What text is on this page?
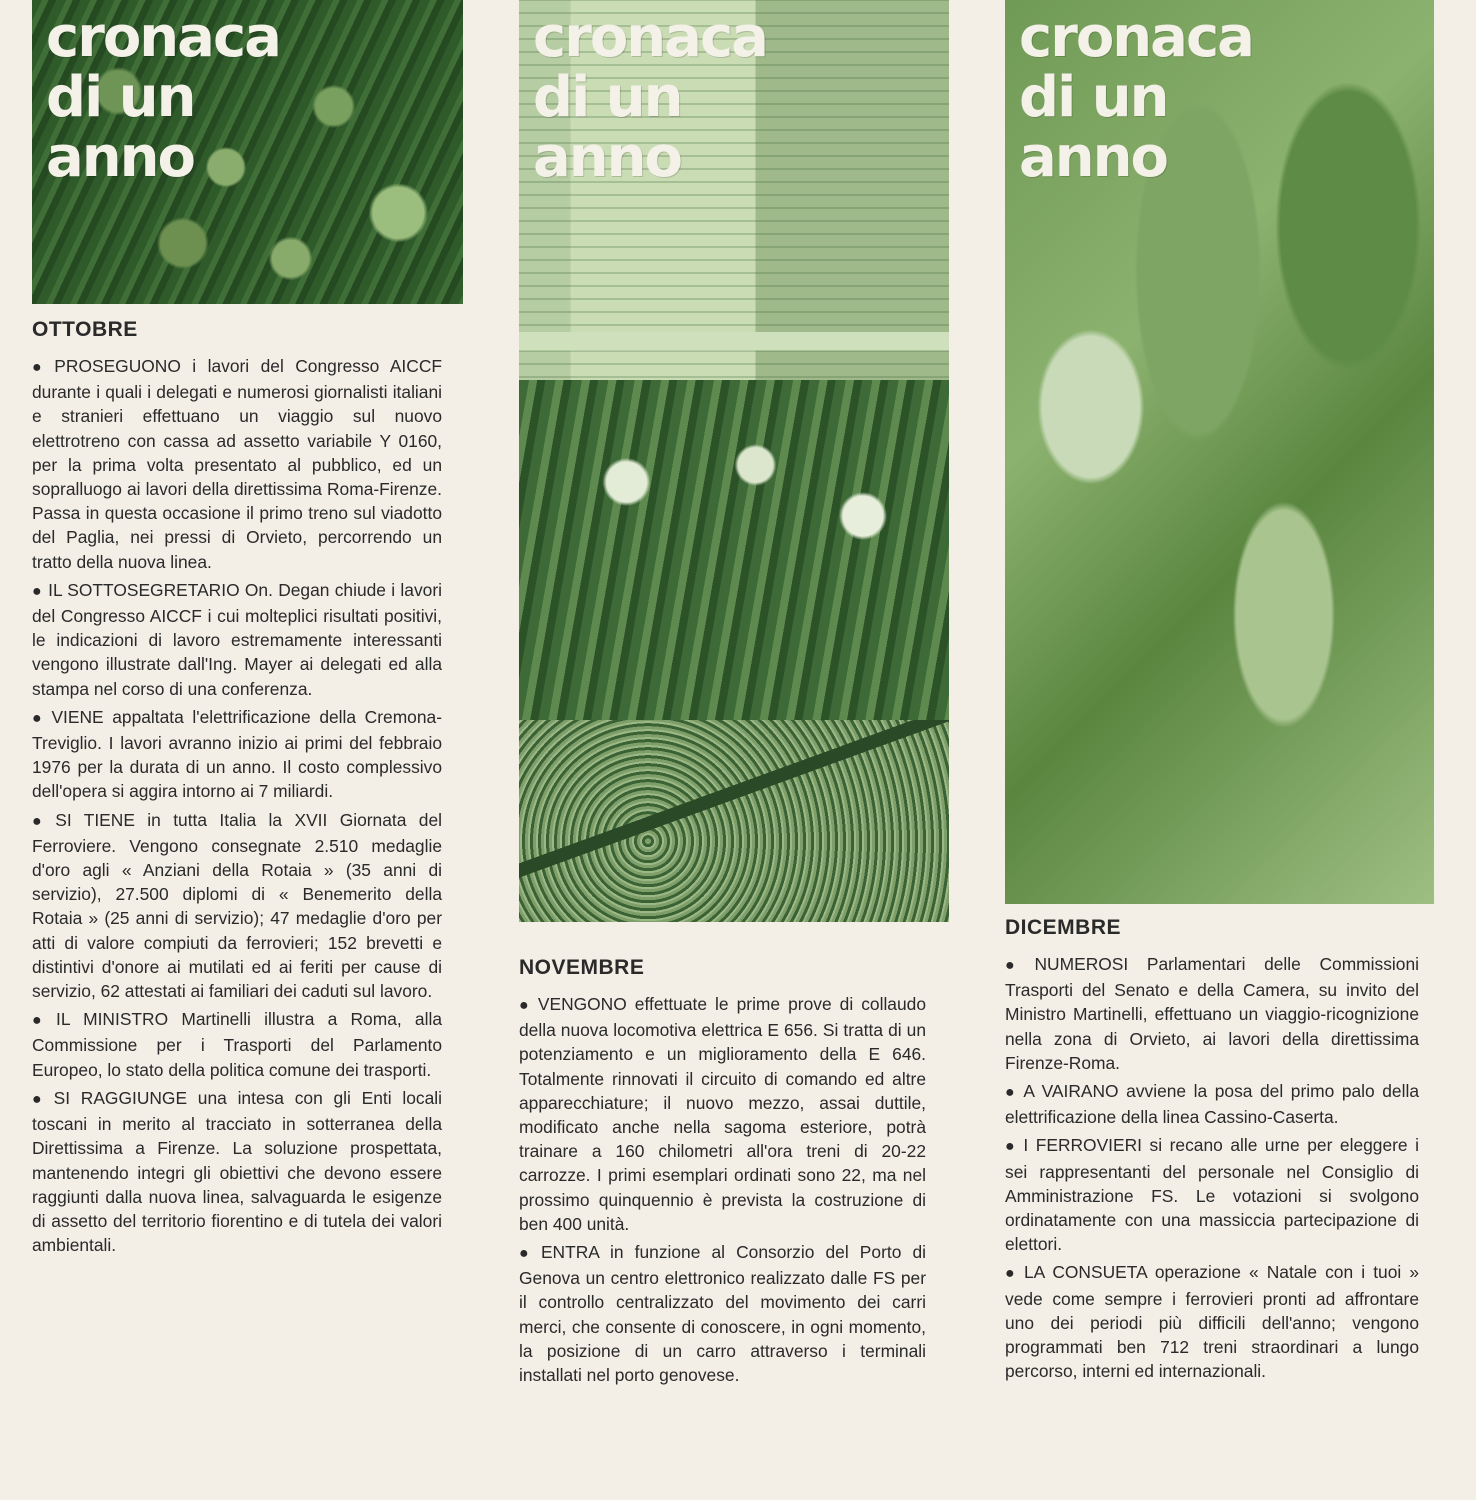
cronaca
di un
anno
cronaca
di un
anno
cronaca
di un
anno
OTTOBRE

● PROSEGUONO i lavori del Congresso AICCF durante i quali i delegati e numerosi giornalisti italiani e stranieri effettuano un viaggio sul nuovo elettrotreno con cassa ad assetto variabile Y 0160, per la prima volta presentato al pubblico, ed un sopralluogo ai lavori della direttissima Roma-Firenze. Passa in questa occasione il primo treno sul viadotto del Paglia, nei pressi di Orvieto, percorrendo un tratto della nuova linea.

● IL SOTTOSEGRETARIO On. Degan chiude i lavori del Congresso AICCF i cui molteplici risultati positivi, le indicazioni di lavoro estremamente interessanti vengono illustrate dall'Ing. Mayer ai delegati ed alla stampa nel corso di una conferenza.

● VIENE appaltata l'elettrificazione della Cremona-Treviglio. I lavori avranno inizio ai primi del febbraio 1976 per la durata di un anno. Il costo complessivo dell'opera si aggira intorno ai 7 miliardi.

● SI TIENE in tutta Italia la XVII Giornata del Ferroviere. Vengono consegnate 2.510 medaglie d'oro agli « Anziani della Rotaia » (35 anni di servizio), 27.500 diplomi di « Benemerito della Rotaia » (25 anni di servizio); 47 medaglie d'oro per atti di valore compiuti da ferrovieri; 152 brevetti e distintivi d'onore ai mutilati ed ai feriti per cause di servizio, 62 attestati ai familiari dei caduti sul lavoro.

● IL MINISTRO Martinelli illustra a Roma, alla Commissione per i Trasporti del Parlamento Europeo, lo stato della politica comune dei trasporti.

● SI RAGGIUNGE una intesa con gli Enti locali toscani in merito al tracciato in sotterranea della Direttissima a Firenze. La soluzione prospettata, mantenendo integri gli obiettivi che devono essere raggiunti dalla nuova linea, salvaguarda le esigenze di assetto del territorio fiorentino e di tutela dei valori ambientali.

NOVEMBRE

● VENGONO effettuate le prime prove di collaudo della nuova locomotiva elettrica E 656. Si tratta di un potenziamento e un miglioramento della E 646. Totalmente rinnovati il circuito di comando ed altre apparecchiature; il nuovo mezzo, assai duttile, modificato anche nella sagoma esteriore, potrà trainare a 160 chilometri all'ora treni di 20-22 carrozze. I primi esemplari ordinati sono 22, ma nel prossimo quinquennio è prevista la costruzione di ben 400 unità.

● ENTRA in funzione al Consorzio del Porto di Genova un centro elettronico realizzato dalle FS per il controllo centralizzato del movimento dei carri merci, che consente di conoscere, in ogni momento, la posizione di un carro attraverso i terminali installati nel porto genovese.

DICEMBRE

● NUMEROSI Parlamentari delle Commissioni Trasporti del Senato e della Camera, su invito del Ministro Martinelli, effettuano un viaggio-ricognizione nella zona di Orvieto, ai lavori della direttissima Firenze-Roma.

● A VAIRANO avviene la posa del primo palo della elettrificazione della linea Cassino-Caserta.

● I FERROVIERI si recano alle urne per eleggere i sei rappresentanti del personale nel Consiglio di Amministrazione FS. Le votazioni si svolgono ordinatamente con una massiccia partecipazione di elettori.

● LA CONSUETA operazione « Natale con i tuoi » vede come sempre i ferrovieri pronti ad affrontare uno dei periodi più difficili dell'anno; vengono programmati ben 712 treni straordinari a lungo percorso, interni ed internazionali.
